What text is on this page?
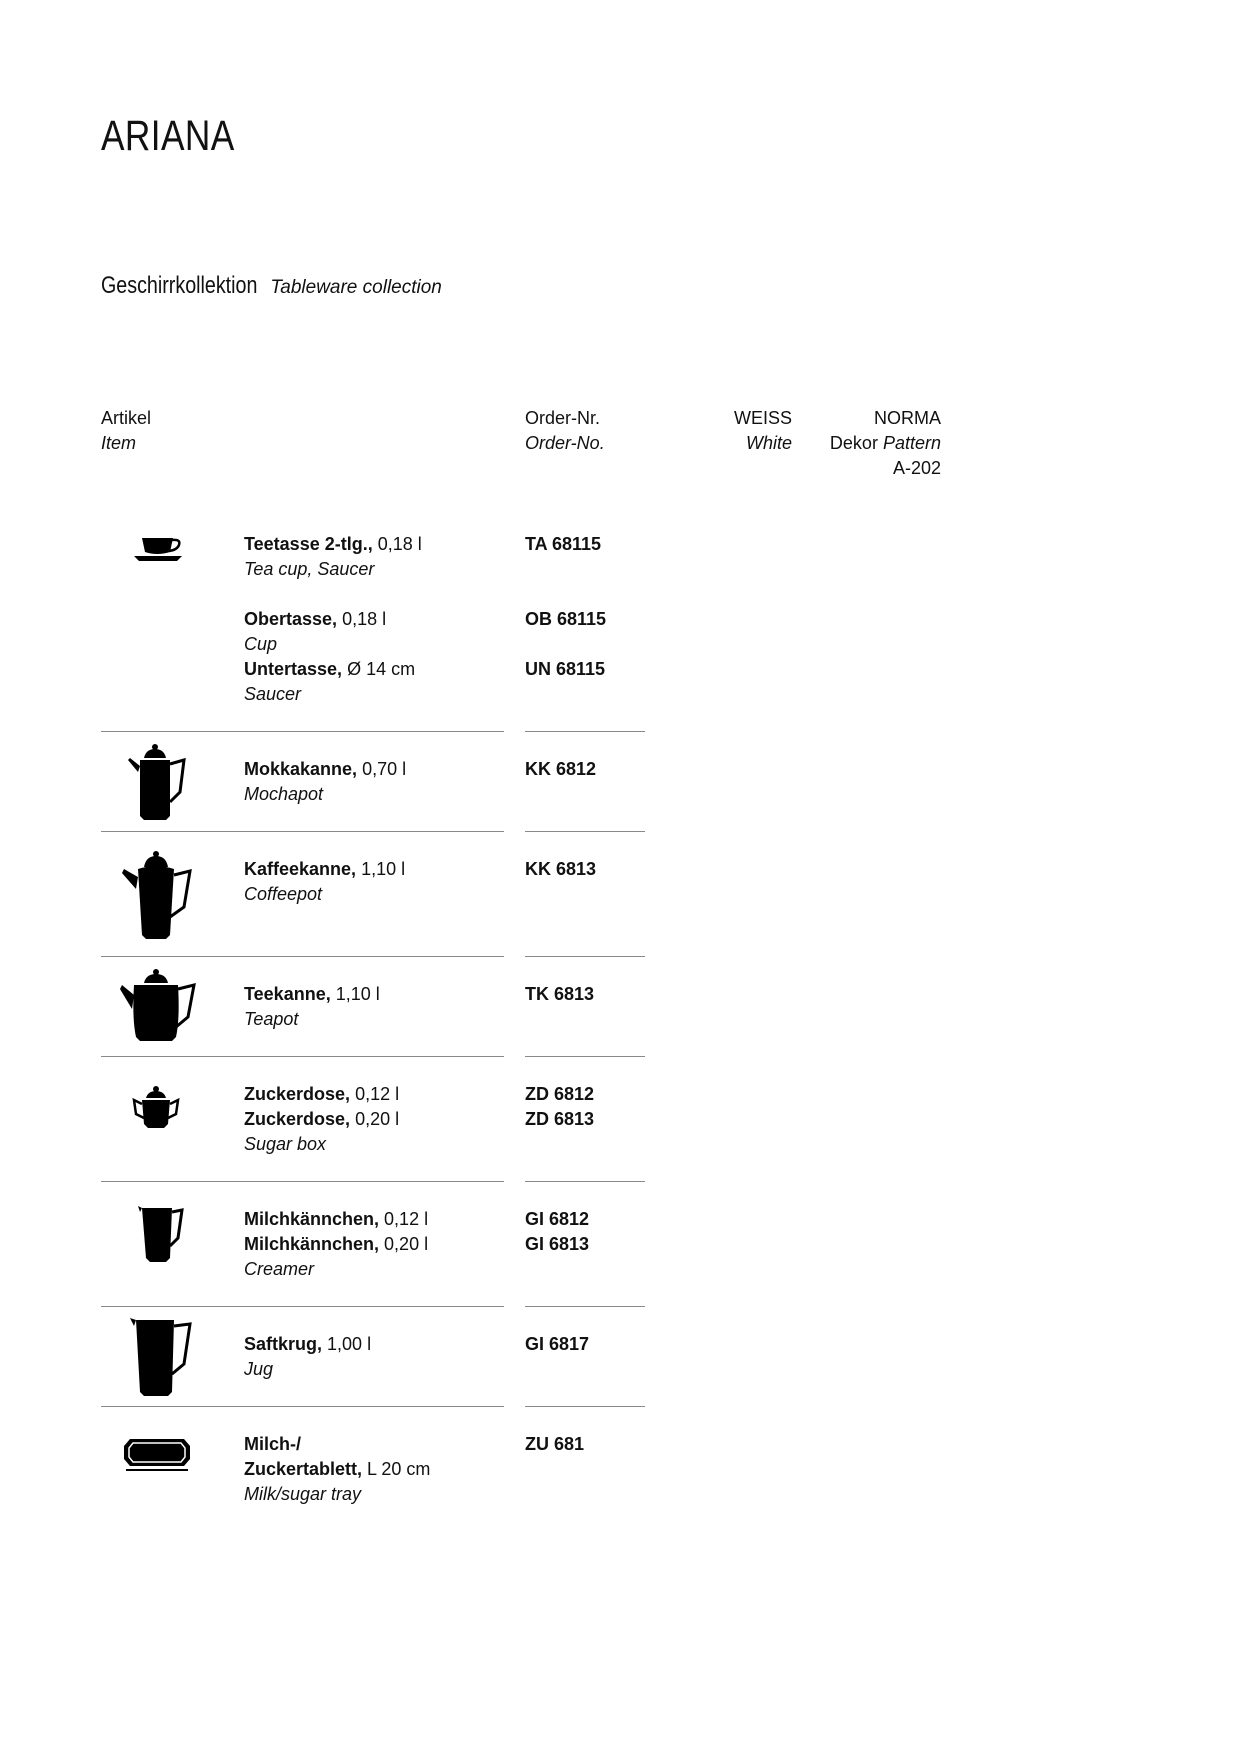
ARIANA
Geschirrkollektion Tableware collection
Artikel
Item
Order-Nr.
Order-No.
WEISS
White
NORMA
Dekor Pattern
A-202
Teetasse 2-tlg., 0,18 l
Tea cup, Saucer
TA 68115
Obertasse, 0,18 l
Cup
OB 68115
Untertasse, Ø 14 cm
Saucer
UN 68115
Mokkakanne, 0,70 l
Mochapot
KK 6812
Kaffeekanne, 1,10 l
Coffeepot
KK 6813
Teekanne, 1,10 l
Teapot
TK 6813
Zuckerdose, 0,12 l
Zuckerdose, 0,20 l
Sugar box
ZD 6812
ZD 6813
Milchkännchen, 0,12 l
Milchkännchen, 0,20 l
Creamer
GI 6812
GI 6813
Saftkrug, 1,00 l
Jug
GI 6817
Milch-/
Zuckertablett, L 20 cm
Milk/sugar tray
ZU 681
